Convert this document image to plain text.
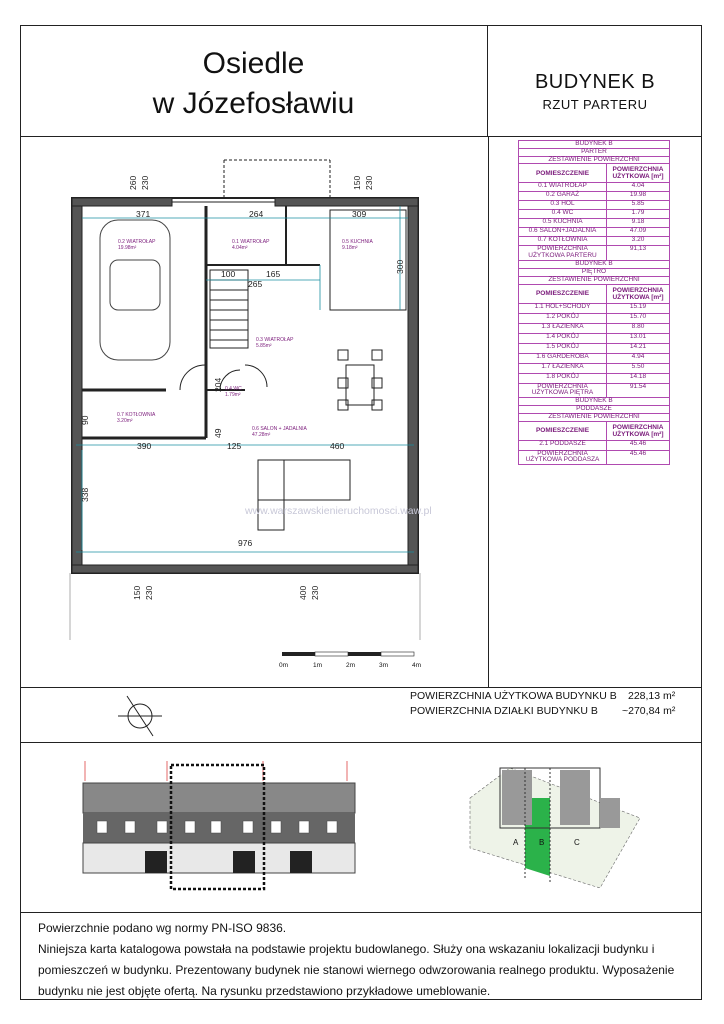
Osiedle
w Józefosławiu
BUDYNEK B
RZUT PARTERU
BUDYNEK B	
PARTER	
ZESTAWIENIE POWIERZCHNI	
POMIESZCZENIE	POWIERZCHNIA UŻYTKOWA [m²]
0.1 WIATROŁAP	4.04
0.2 GARAŻ	19.98
0.3 HOL	5.85
0.4 WC	1.79
0.5 KUCHNIA	9.18
0.6 SALON+JADALNIA	47.09
0.7 KOTŁOWNIA	3.20
POWIERZCHNIA UŻYTKOWA PARTERU	91,13
BUDYNEK B	
PIĘTRO	
ZESTAWIENIE POWIERZCHNI	
POMIESZCZENIE	POWIERZCHNIA UŻYTKOWA [m²]
1.1 HOL+SCHODY	15.19
1.2 POKÓJ	15.70
1.3 ŁAZIENKA	8.80
1.4 POKÓJ	13.01
1.5 POKÓJ	14.21
1.6 GARDEROBA	4.94
1.7 ŁAZIENKA	5.50
1.8 POKÓJ	14.18
POWIERZCHNIA UŻYTKOWA PIĘTRA	91.54
BUDYNEK B	
PODDASZE	
ZESTAWIENIE POWIERZCHNI	
POMIESZCZENIE	POWIERZCHNIA UŻYTKOWA [m²]
2.1 PODDASZE	45.46
POWIERZCHNIA UŻYTKOWA PODDASZA	45.46
260 230	150 230
371	264	309
100	165
265
300
204
90
49
390	125	460
338
976
150 230	400 230
0.2 WIATROŁAP
19.98m²
0.1 WIATROŁAP
4.04m²
0.5 KUCHNIA
9.18m²
0.3 WIATROŁAP
5.85m²
0.4 WC
1.79m²
0.7 KOTŁOWNIA
3.20m²
0.6 SALON + JADALNIA
47.28m²
www.warszawskienieruchomosci.waw.pl
0m	1m	2m	3m	4m
POWIERZCHNIA UŻYTKOWA BUDYNKU B 228,13 m²
POWIERZCHNIA DZIAŁKI BUDYNKU B ~270,84 m²
A	B	C
Powierzchnie podano wg normy PN-ISO 9836.
Niniejsza karta katalogowa powstała na podstawie projektu budowlanego. Służy ona wskazaniu lokalizacji budynku i pomieszczeń w budynku. Prezentowany budynek nie stanowi wiernego odwzorowania realnego produktu. Wyposażenie budynku nie jest objęte ofertą. Na rysunku przedstawiono przykładowe umeblowanie.
